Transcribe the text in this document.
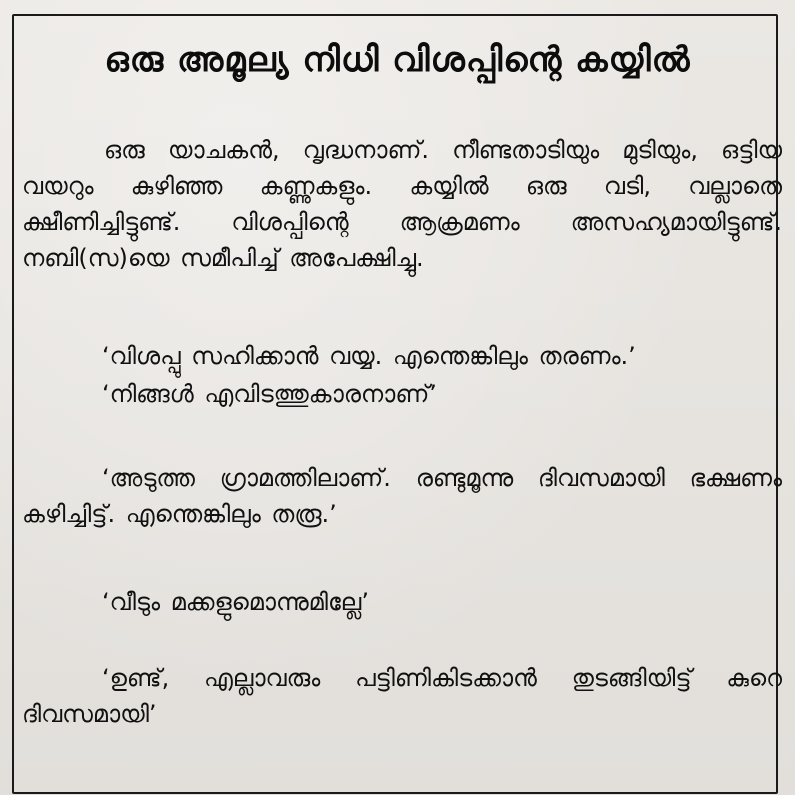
ഒരു അമൂല്യ നിധി വിശപ്പിന്റെ കയ്യിൽ
ഒരു യാചകൻ, വൃദ്ധനാണ്. നീണ്ടതാടിയും മുടിയും, ഒട്ടിയ വയറും കുഴിഞ്ഞ കണ്ണുകളും. കയ്യിൽ ഒരു വടി, വല്ലാതെ ക്ഷീണിച്ചിട്ടുണ്ട്. വിശപ്പിന്റെ ആക്രമണം അസഹ്യമായിട്ടുണ്ട്. നബി(സ)യെ സമീപിച്ച് അപേക്ഷിച്ചു.
‘വിശപ്പു സഹിക്കാൻ വയ്യ. എന്തെങ്കിലും തരണം.’
‘നിങ്ങൾ എവിടത്തുകാരനാണ്’
‘അടുത്ത ഗ്രാമത്തിലാണ്. രണ്ടുമൂന്നു ദിവസമായി ഭക്ഷണം കഴിച്ചിട്ട്. എന്തെങ്കിലും തരൂ.’
‘വീടും മക്കളുമൊന്നുമില്ലേ’
‘ഉണ്ട്, എല്ലാവരും പട്ടിണികിടക്കാൻ തുടങ്ങിയിട്ട് കുറെ ദിവസമായി’
